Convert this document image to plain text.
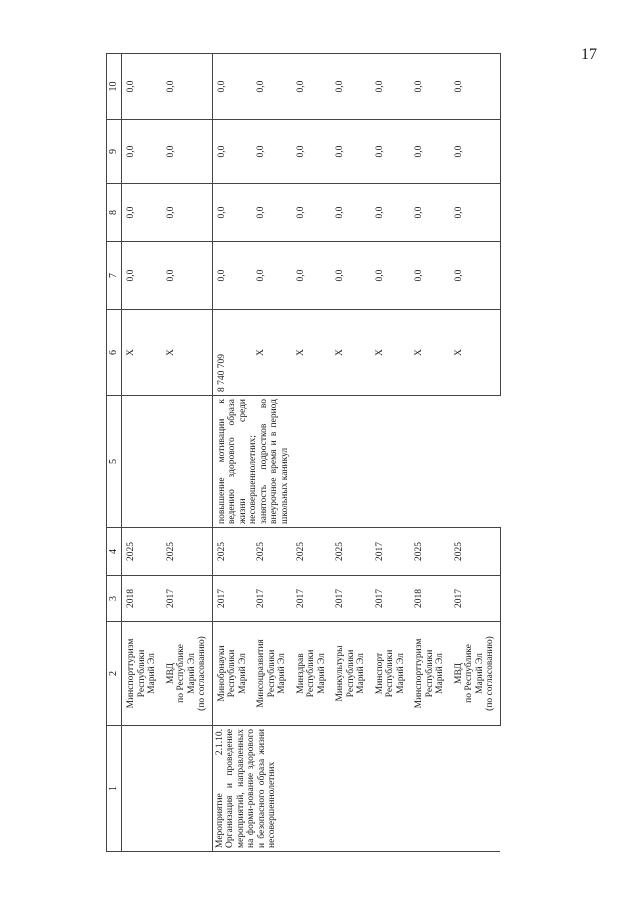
17
1	2	3	4	5	6	7	8	9	10

	Минспорттуризм Республики Марий Эл	2018	2025		Х	0,0	0,0	0,0	0,0

	МВД по Республике Марий Эл (по согласованию)	2017	2025		Х	0,0	0,0	0,0	0,0
Мероприятие 2.1.10. Организация и проведение мероприятий, направленных на форми-рование здорового и безопасного образа жизни несовершеннолетних	Минобрнауки Республики Марий Эл	2017	2025	повышение мотивации к ведению здорового образа жизни среди несовершеннолетних; занятость подростков во внеурочное время и в период школьных каникул	8 740 709	0,0	0,0	0,0	0,0

	Минсоцразвития Республики Марий Эл	2017	2025		Х	0,0	0,0	0,0	0,0

	Минздрав Республики Марий Эл	2017	2025		Х	0,0	0,0	0,0	0,0

	Минкультуры Республики Марий Эл	2017	2025		Х	0,0	0,0	0,0	0,0

	Минспорт Республики Марий Эл	2017	2017		Х	0,0	0,0	0,0	0,0

	Минспорттуризм Республики Марий Эл	2018	2025		Х	0,0	0,0	0,0	0,0

	МВД по Республике Марий Эл (по согласованию)	2017	2025		Х	0,0	0,0	0,0	0,0
